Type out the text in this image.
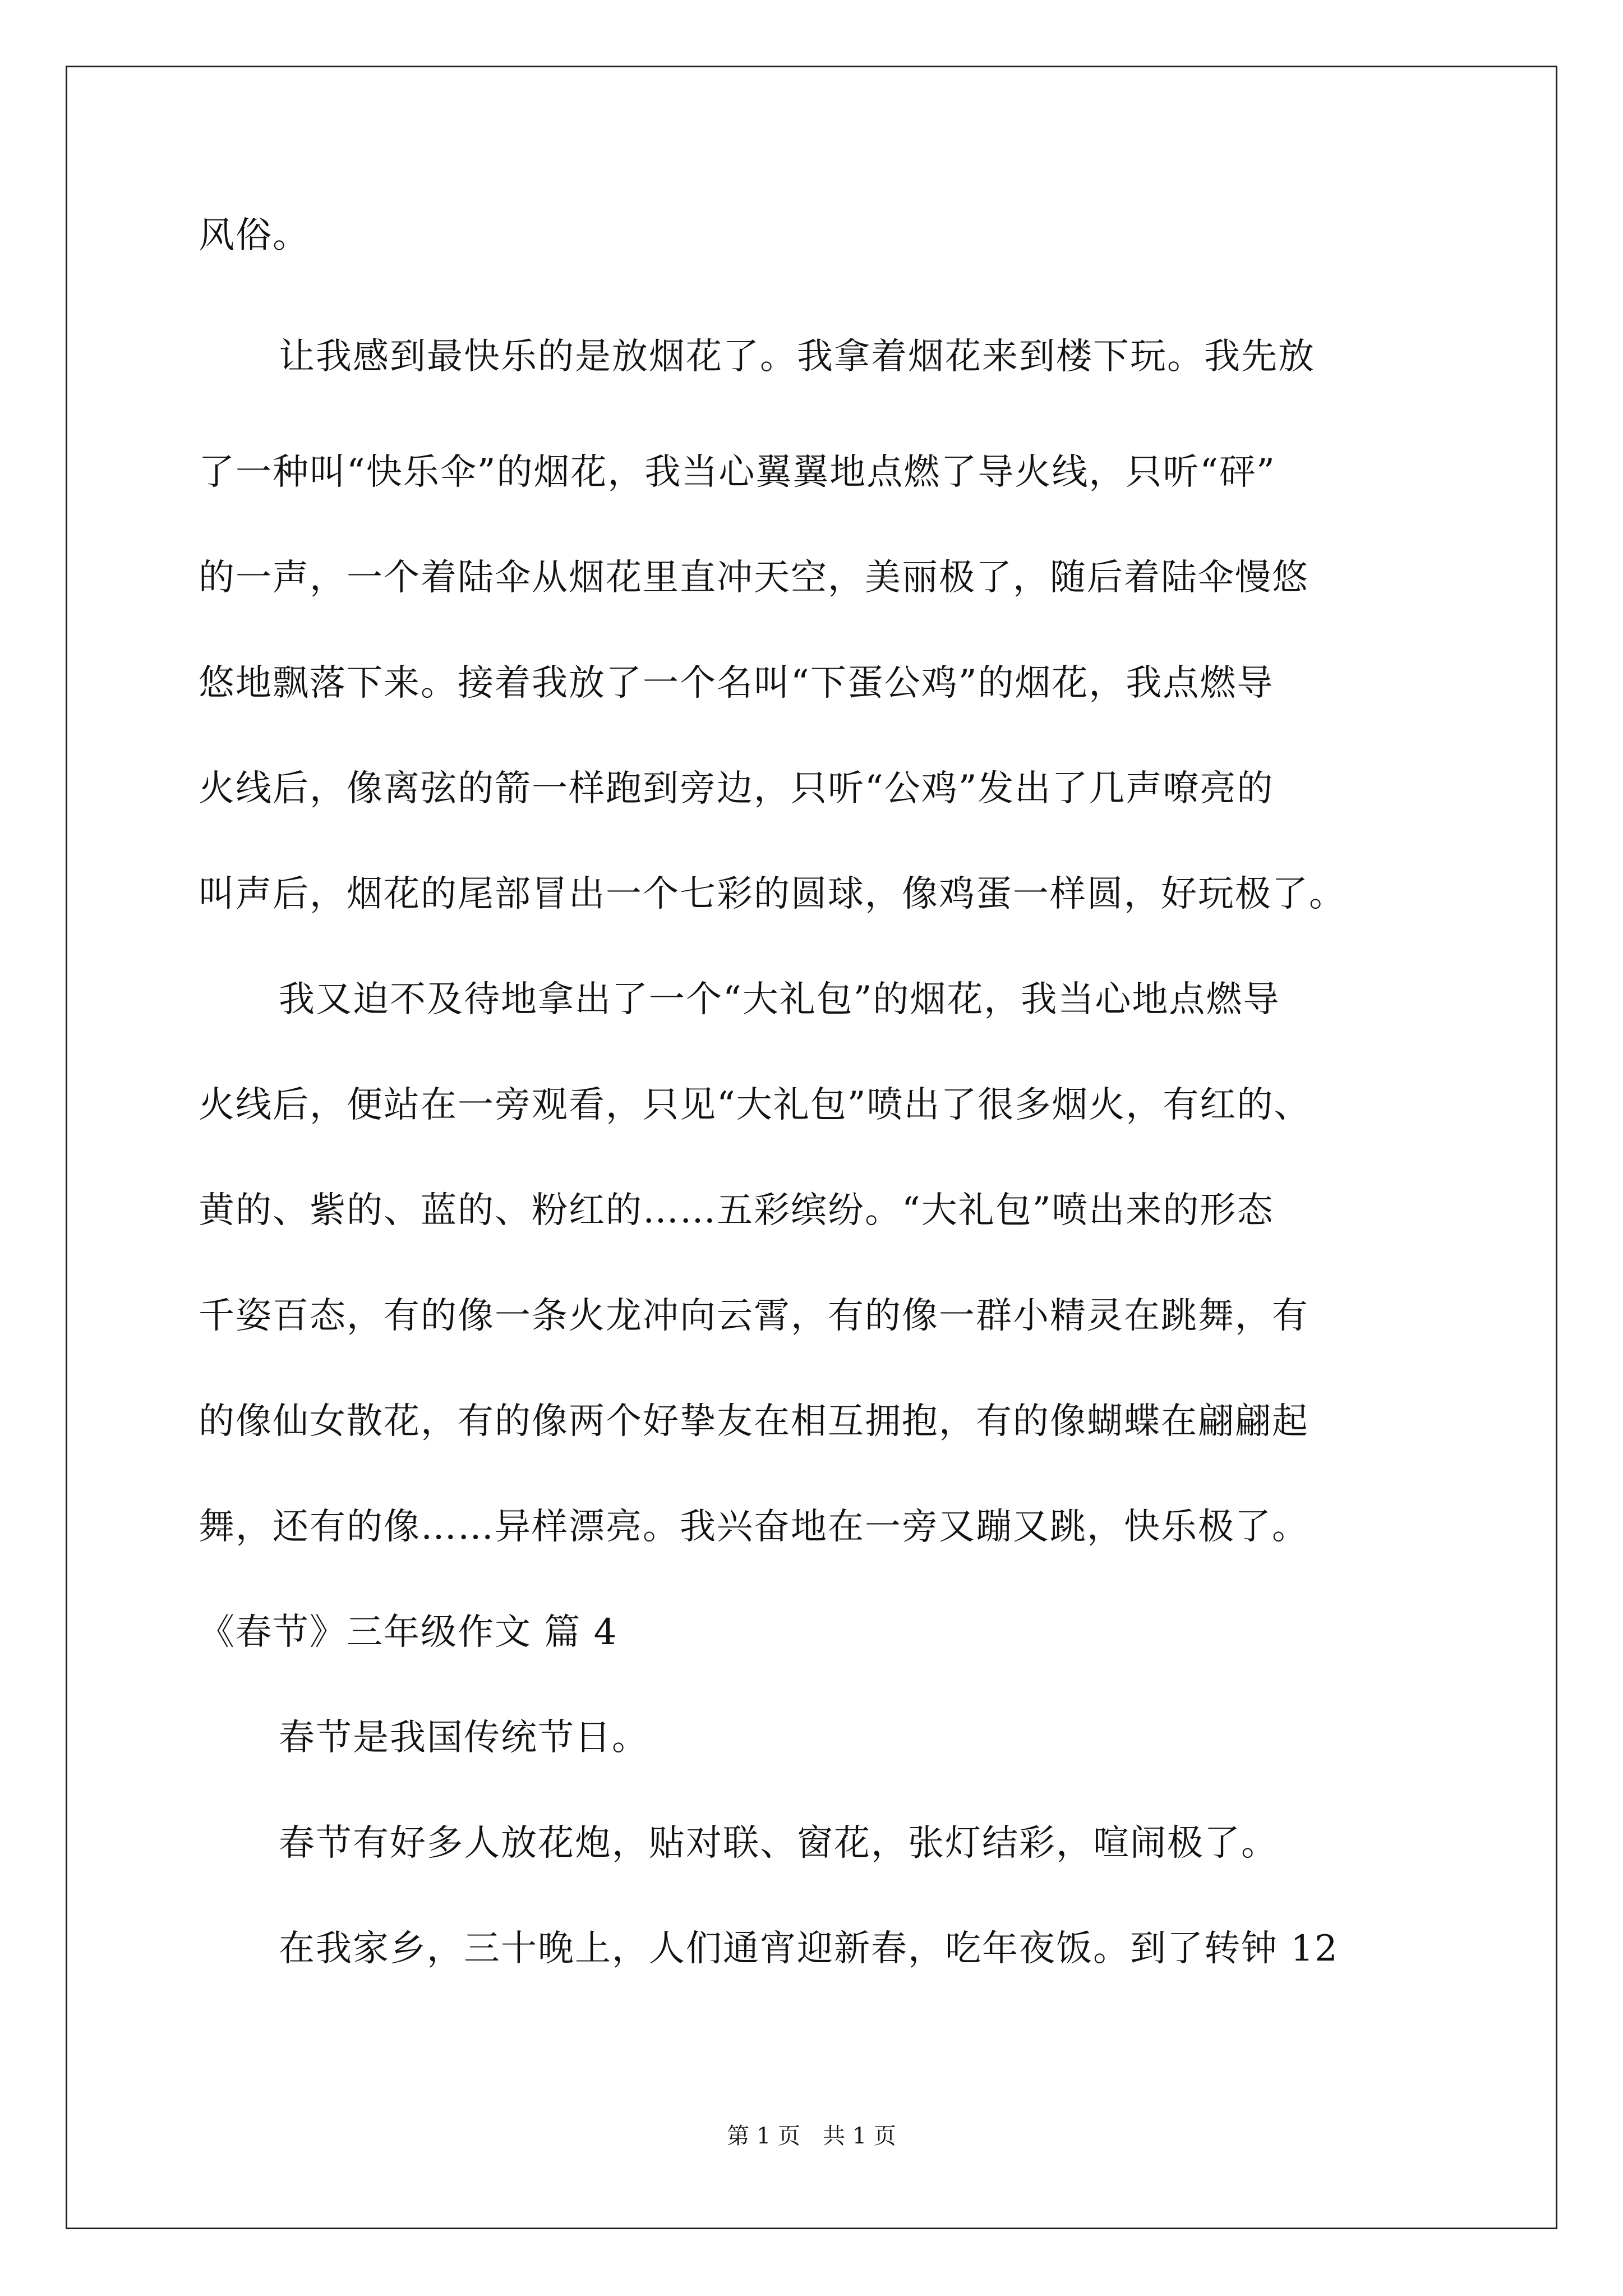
风俗。
让我感到最快乐的是放烟花了。我拿着烟花来到楼下玩。我先放
了一种叫“快乐伞”的烟花，我当心翼翼地点燃了导火线，只听“砰”
的一声，一个着陆伞从烟花里直冲天空，美丽极了，随后着陆伞慢悠
悠地飘落下来。接着我放了一个名叫“下蛋公鸡”的烟花，我点燃导
火线后，像离弦的箭一样跑到旁边，只听“公鸡”发出了几声嘹亮的
叫声后，烟花的尾部冒出一个七彩的圆球，像鸡蛋一样圆，好玩极了。
我又迫不及待地拿出了一个“大礼包”的烟花，我当心地点燃导
火线后，便站在一旁观看，只见“大礼包”喷出了很多烟火，有红的、
黄的、紫的、蓝的、粉红的……五彩缤纷。“大礼包”喷出来的形态
千姿百态，有的像一条火龙冲向云霄，有的像一群小精灵在跳舞，有
的像仙女散花，有的像两个好挚友在相互拥抱，有的像蝴蝶在翩翩起
舞，还有的像……异样漂亮。我兴奋地在一旁又蹦又跳，快乐极了。
《春节》三年级作文 篇 4
春节是我国传统节日。
春节有好多人放花炮，贴对联、窗花，张灯结彩，喧闹极了。
在我家乡，三十晚上，人们通宵迎新春，吃年夜饭。到了转钟 12
第 1 页　共 1 页
